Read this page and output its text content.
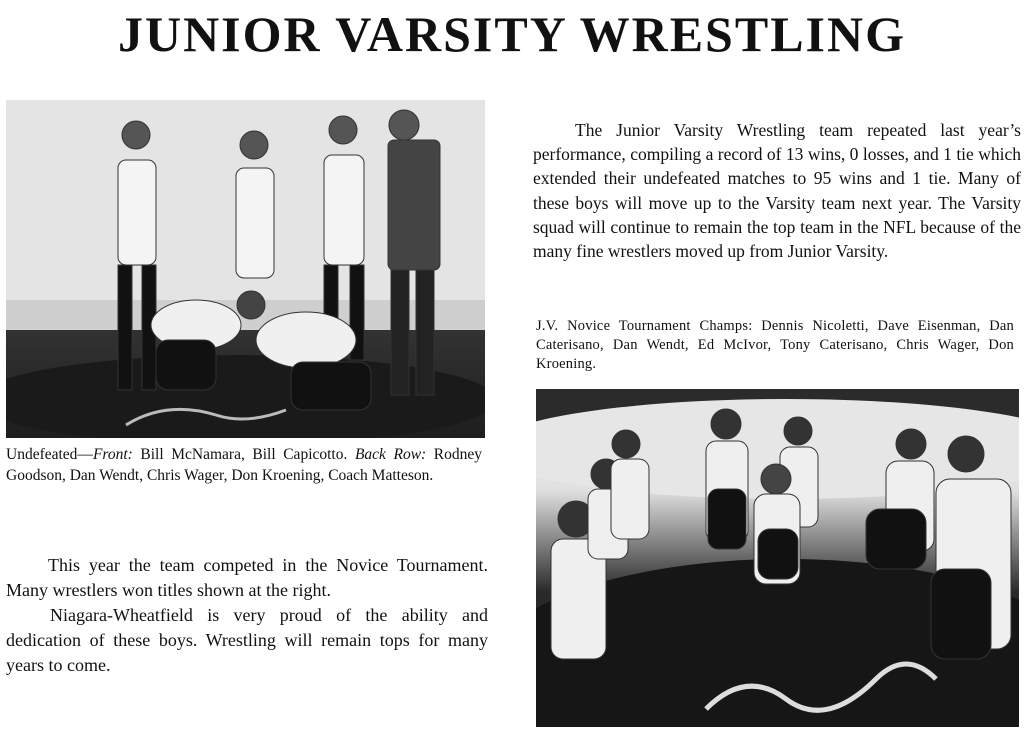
JUNIOR VARSITY WRESTLING

Undefeated—Front: Bill McNamara, Bill Capicotto. Back Row: Rodney Goodson, Dan Wendt, Chris Wager, Don Kroening, Coach Matteson.

This year the team competed in the Novice Tournament. Many wrestlers won titles shown at the right.

Niagara-Wheatfield is very proud of the ability and dedication of these boys. Wrestling will remain tops for many years to come.

The Junior Varsity Wrestling team repeated last year’s performance, compiling a record of 13 wins, 0 losses, and 1 tie which extended their undefeated matches to 95 wins and 1 tie. Many of these boys will move up to the Varsity team next year. The Varsity squad will continue to remain the top team in the NFL because of the many fine wrestlers moved up from Junior Varsity.

J.V. Novice Tournament Champs: Dennis Nicoletti, Dave Eisenman, Dan Caterisano, Dan Wendt, Ed McIvor, Tony Caterisano, Chris Wager, Don Kroening.
